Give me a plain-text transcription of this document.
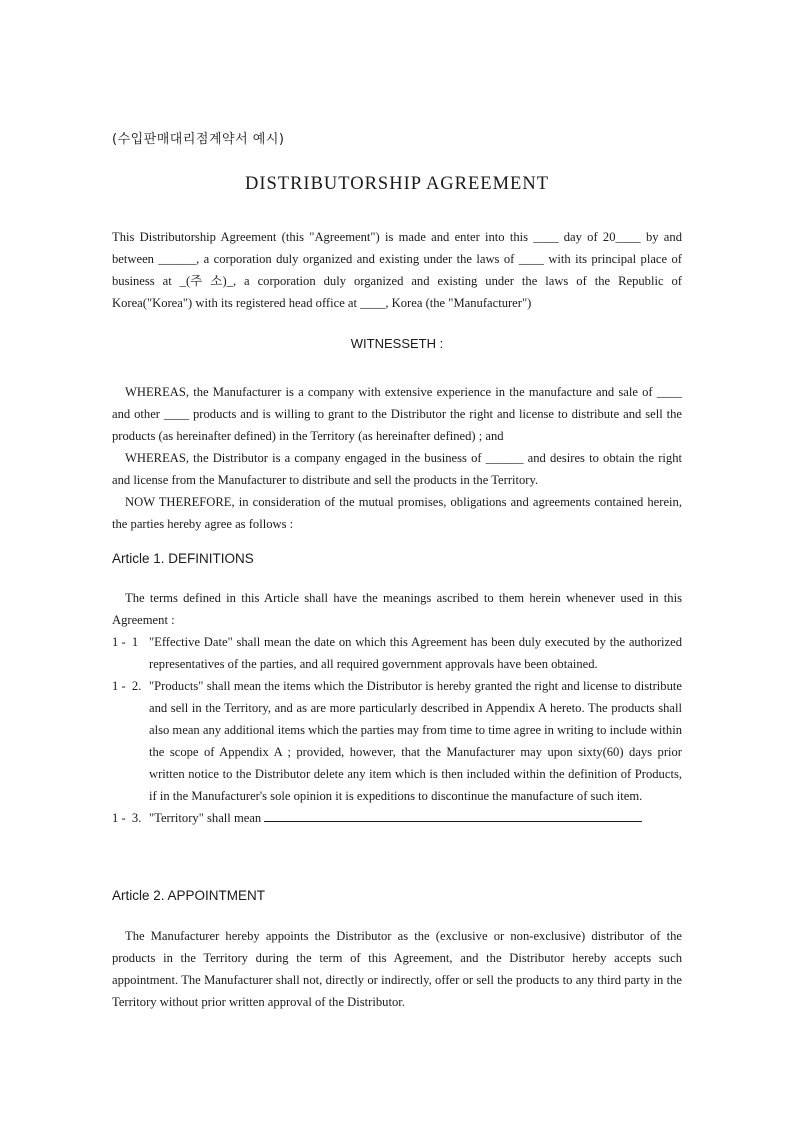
(수입판매대리점계약서 예시)
DISTRIBUTORSHIP AGREEMENT

This Distributorship Agreement (this "Agreement") is made and enter into this ____ day of 20____ by and between ______, a corporation duly organized and existing under the laws of ____ with its principal place of business at _(주 소)_, a corporation duly organized and existing under the laws of the Republic of Korea("Korea") with its registered head office at ____, Korea (the "Manufacturer")

WITNESSETH :

WHEREAS, the Manufacturer is a company with extensive experience in the manufacture and sale of ____ and other ____ products and is willing to grant to the Distributor the right and license to distribute and sell the products (as hereinafter defined) in the Territory (as hereinafter defined) ; and

WHEREAS, the Distributor is a company engaged in the business of ______ and desires to obtain the right and license from the Manufacturer to distribute and sell the products in the Territory.

NOW THEREFORE, in consideration of the mutual promises, obligations and agreements contained herein, the parties hereby agree as follows :

Article 1. DEFINITIONS

The terms defined in this Article shall have the meanings ascribed to them herein whenever used in this Agreement :

1 -  1 "Effective Date" shall mean the date on which this Agreement has been duly executed by the authorized representatives of the parties, and all required government approvals have been obtained.

1 -  2. "Products" shall mean the items which the Distributor is hereby granted the right and license to distribute and sell in the Territory, and as are more particularly described in Appendix A hereto. The products shall also mean any additional items which the parties may from time to time agree in writing to include within the scope of Appendix A ; provided, however, that the Manufacturer may upon sixty(60) days prior written notice to the Distributor delete any item which is then included within the definition of Products, if in the Manufacturer's sole opinion it is expeditions to discontinue the manufacture of such item.

1 -  3. "Territory" shall mean

Article 2. APPOINTMENT

The Manufacturer hereby appoints the Distributor as the (exclusive or non-exclusive) distributor of the products in the Territory during the term of this Agreement, and the Distributor hereby accepts such appointment. The Manufacturer shall not, directly or indirectly, offer or sell the products to any third party in the Territory without prior written approval of the Distributor.
